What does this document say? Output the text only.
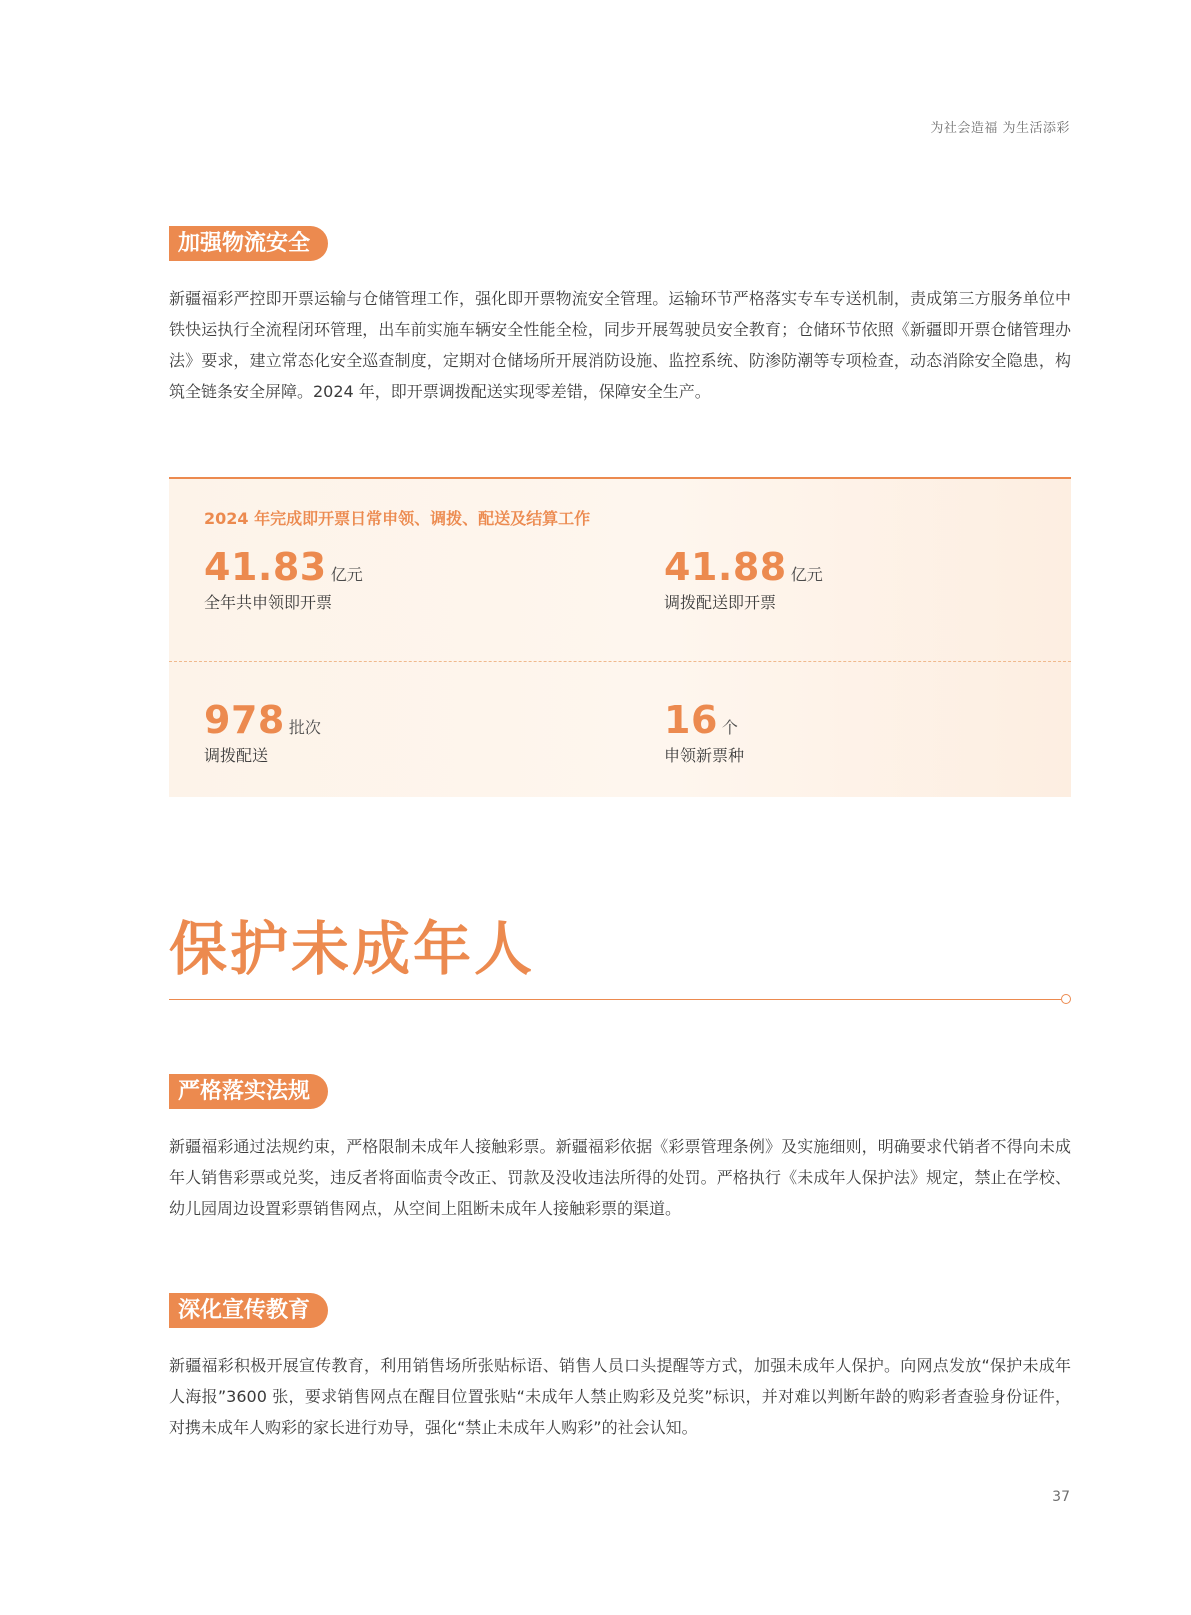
为社会造福 为生活添彩
加强物流安全

新疆福彩严控即开票运输与仓储管理工作，强化即开票物流安全管理。运输环节严格落实专车专送机制，责成第三方服务单位中铁快运执行全流程闭环管理，出车前实施车辆安全性能全检，同步开展驾驶员安全教育；仓储环节依照《新疆即开票仓储管理办法》要求，建立常态化安全巡查制度，定期对仓储场所开展消防设施、监控系统、防渗防潮等专项检查，动态消除安全隐患，构筑全链条安全屏障。2024 年，即开票调拨配送实现零差错，保障安全生产。

2024 年完成即开票日常申领、调拨、配送及结算工作
41.83 亿元
全年共申领即开票
41.88 亿元
调拨配送即开票
978 批次
调拨配送
16 个
申领新票种
保护未成年人
严格落实法规

新疆福彩通过法规约束，严格限制未成年人接触彩票。新疆福彩依据《彩票管理条例》及实施细则，明确要求代销者不得向未成年人销售彩票或兑奖，违反者将面临责令改正、罚款及没收违法所得的处罚。严格执行《未成年人保护法》规定，禁止在学校、幼儿园周边设置彩票销售网点，从空间上阻断未成年人接触彩票的渠道。

深化宣传教育

新疆福彩积极开展宣传教育，利用销售场所张贴标语、销售人员口头提醒等方式，加强未成年人保护。向网点发放“保护未成年人海报”3600 张，要求销售网点在醒目位置张贴“未成年人禁止购彩及兑奖”标识，并对难以判断年龄的购彩者查验身份证件，对携未成年人购彩的家长进行劝导，强化“禁止未成年人购彩”的社会认知。

37
